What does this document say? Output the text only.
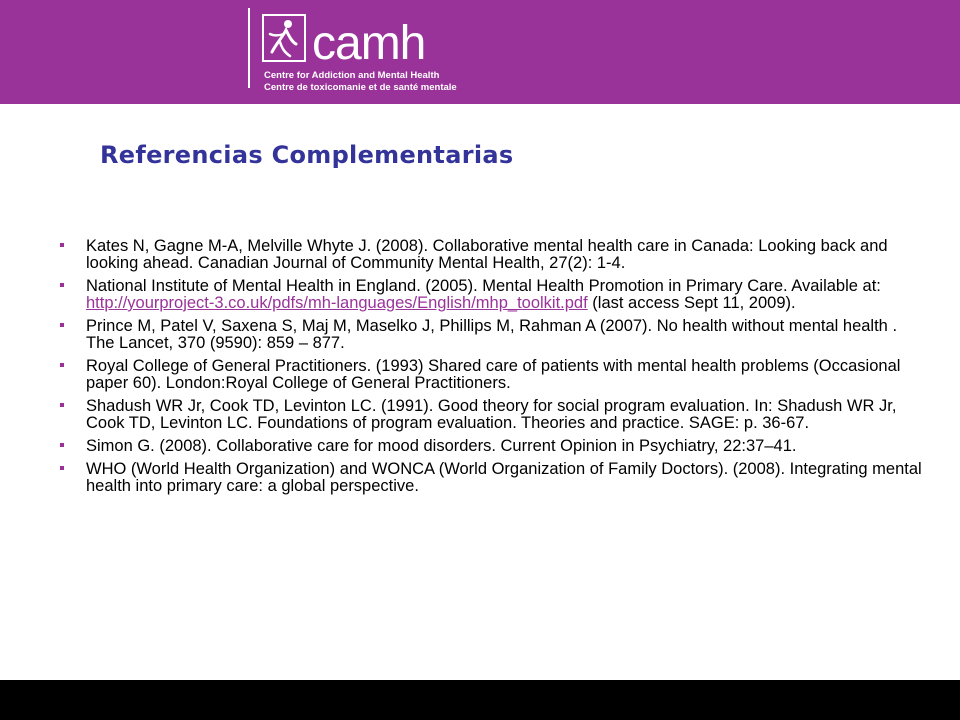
camh
Centre for Addiction and Mental Health
Centre de toxicomanie et de santé mentale
Referencias Complementarias
Kates N, Gagne M-A, Melville Whyte J. (2008). Collaborative mental health care in Canada: Looking back and looking ahead. Canadian Journal of Community Mental Health, 27(2): 1-4.
National Institute of Mental Health in England. (2005). Mental Health Promotion in Primary Care. Available at: http://yourproject-3.co.uk/pdfs/mh-languages/English/mhp_toolkit.pdf (last access Sept 11, 2009).
Prince M, Patel V, Saxena S, Maj M, Maselko J, Phillips M, Rahman A (2007). No health without mental health . The Lancet, 370 (9590): 859 – 877.
Royal College of General Practitioners. (1993) Shared care of patients with mental health problems (Occasional paper 60). London:Royal College of General Practitioners.
Shadush WR Jr, Cook TD, Levinton LC. (1991). Good theory for social program evaluation. In: Shadush WR Jr, Cook TD, Levinton LC. Foundations of program evaluation. Theories and practice. SAGE: p. 36-67.
Simon G. (2008). Collaborative care for mood disorders. Current Opinion in Psychiatry, 22:37–41.
WHO (World Health Organization) and WONCA (World Organization of Family Doctors). (2008). Integrating mental health into primary care: a global perspective.
